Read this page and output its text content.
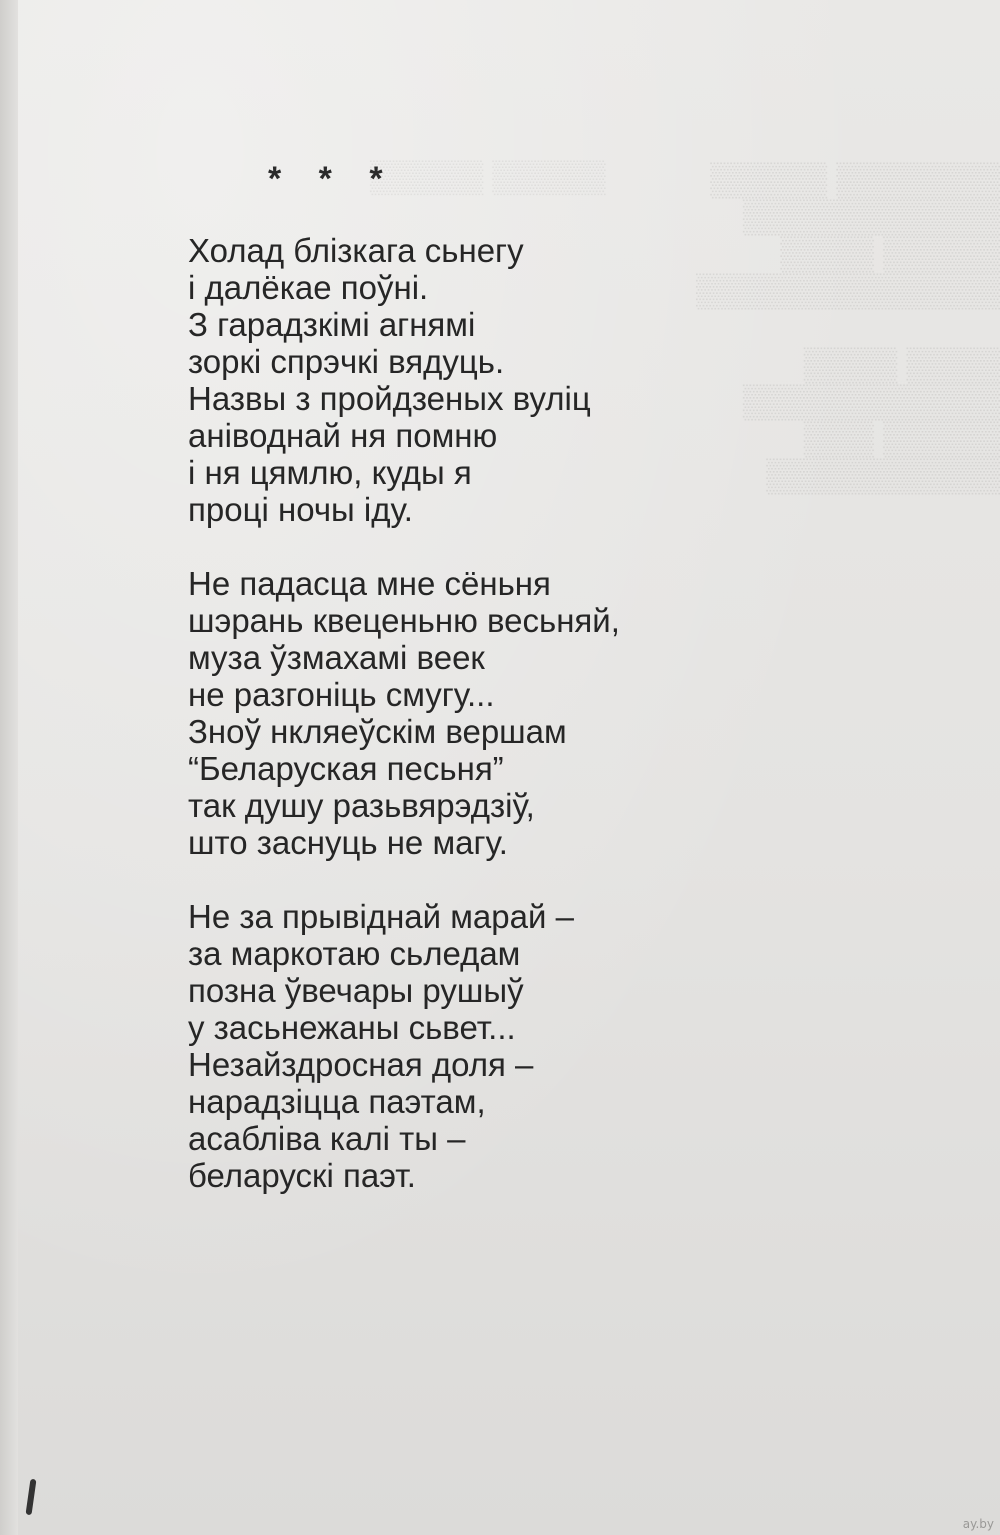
▒▒▒▒▒ ▒▒▒▒▒	▒▒▒▒▒▒▒ ▒▒▒▒▒
▒▒▒▒▒▒▒▒▒▒▒
▒▒▒▒▒ ▒▒▒▒
▒▒▒▒▒▒▒▒▒▒▒▒▒

▒▒▒▒ ▒▒▒▒
▒▒▒▒▒▒▒▒▒▒▒
▒▒▒▒▒ ▒▒▒
▒▒▒▒▒▒▒▒▒▒

* * *
Холад блізкага сьнегу
і далёкае поўні.
З гарадзкімі агнямі
зоркі спрэчкі вядуць.
Назвы з пройдзеных вуліц
аніводнай ня помню
і ня цямлю, куды я
проці ночы іду.
Не падасца мне сёньня
шэрань квеценьню весьняй,
муза ўзмахамі веек
не разгоніць смугу...
Зноў нкляеўскім вершам
“Беларуская песьня”
так душу разьвярэдзіў,
што заснуць не магу.
Не за прывіднай марай –
за маркотаю сьледам
позна ўвечары рушыў
у засьнежаны сьвет...
Незайздросная доля –
нарадзіцца паэтам,
асабліва калі ты –
беларускі паэт.
ay.by
